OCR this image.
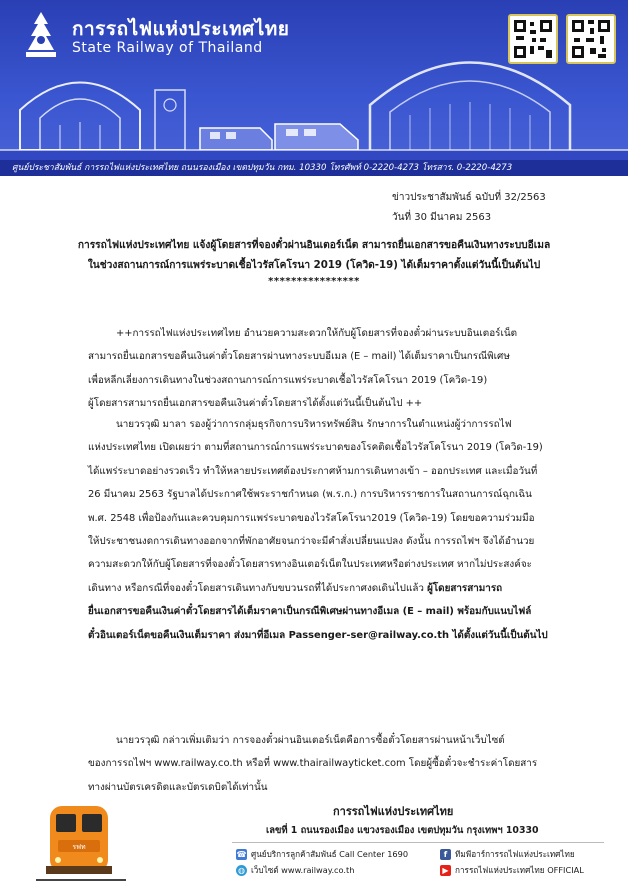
การรถไฟแห่งประเทศไทย
State Railway of Thailand
ศูนย์ประชาสัมพันธ์ การรถไฟแห่งประเทศไทย ถนนรองเมือง เขตปทุมวัน กทม. 10330 โทรศัพท์ 0-2220-4273 โทรสาร. 0-2220-4273
ข่าวประชาสัมพันธ์ ฉบับที่ 32/2563
วันที่ 30 มีนาคม 2563
การรถไฟแห่งประเทศไทย แจ้งผู้โดยสารที่จองตั๋วผ่านอินเตอร์เน็ต สามารถยื่นเอกสารขอคืนเงินทางระบบอีเมล
ในช่วงสถานการณ์การแพร่ระบาดเชื้อไวรัสโคโรนา 2019 (โควิด-19) ได้เต็มราคาตั้งแต่วันนี้เป็นต้นไป
****************
++การรถไฟแห่งประเทศไทย อำนวยความสะดวกให้กับผู้โดยสารที่จองตั๋วผ่านระบบอินเตอร์เน็ต
สามารถยื่นเอกสารขอคืนเงินค่าตั๋วโดยสารผ่านทางระบบอีเมล (E – mail) ได้เต็มราคาเป็นกรณีพิเศษ
เพื่อหลีกเลี่ยงการเดินทางในช่วงสถานการณ์การแพร่ระบาดเชื้อไวรัสโคโรนา 2019 (โควิด-19)
ผู้โดยสารสามารถยื่นเอกสารขอคืนเงินค่าตั๋วโดยสารได้ตั้งแต่วันนี้เป็นต้นไป ++
นายวรวุฒิ มาลา รองผู้ว่าการกลุ่มธุรกิจการบริหารทรัพย์สิน รักษาการในตำแหน่งผู้ว่าการรถไฟ
แห่งประเทศไทย เปิดเผยว่า ตามที่สถานการณ์การแพร่ระบาดของโรคติดเชื้อไวรัสโคโรนา 2019 (โควิด-19)
ได้แพร่ระบาดอย่างรวดเร็ว ทำให้หลายประเทศต้องประกาศห้ามการเดินทางเข้า – ออกประเทศ และเมื่อวันที่
26 มีนาคม 2563 รัฐบาลได้ประกาศใช้พระราชกำหนด (พ.ร.ก.) การบริหารราชการในสถานการณ์ฉุกเฉิน
พ.ศ. 2548 เพื่อป้องกันและควบคุมการแพร่ระบาดของไวรัสโคโรนา2019 (โควิด-19) โดยขอความร่วมมือ
ให้ประชาชนงดการเดินทางออกจากที่พักอาศัยจนกว่าจะมีคำสั่งเปลี่ยนแปลง ดังนั้น การรถไฟฯ จึงได้อำนวย
ความสะดวกให้กับผู้โดยสารที่จองตั๋วโดยสารทางอินเตอร์เน็ตในประเทศหรือต่างประเทศ หากไม่ประสงค์จะ
เดินทาง หรือกรณีที่จองตั๋วโดยสารเดินทางกับขบวนรถที่ได้ประกาศงดเดินไปแล้ว ผู้โดยสารสามารถ
ยื่นเอกสารขอคืนเงินค่าตั๋วโดยสารได้เต็มราคาเป็นกรณีพิเศษผ่านทางอีเมล (E – mail) พร้อมกับแนบไฟล์
ตั๋วอินเตอร์เน็ตขอคืนเงินเต็มราคา ส่งมาที่อีเมล Passenger-ser@railway.co.th ได้ตั้งแต่วันนี้เป็นต้นไป
นายวรวุฒิ กล่าวเพิ่มเติมว่า การจองตั๋วผ่านอินเตอร์เน็ตคือการซื้อตั๋วโดยสารผ่านหน้าเว็บไซต์
ของการรถไฟฯ www.railway.co.th หรือที่ www.thairailwayticket.com โดยผู้ซื้อตั๋วจะชำระค่าโดยสาร
ทางผ่านบัตรเครดิตและบัตรเดบิตได้เท่านั้น
รฟท
การรถไฟแห่งประเทศไทย
เลขที่ 1 ถนนรองเมือง แขวงรองเมือง เขตปทุมวัน กรุงเทพฯ 10330
☎ ศูนย์บริการลูกค้าสัมพันธ์ Call Center 1690
◍ เว็บไซต์ www.railway.co.th
f ทีมพีอาร์การรถไฟแห่งประเทศไทย
▶ การรถไฟแห่งประเทศไทย OFFICIAL
